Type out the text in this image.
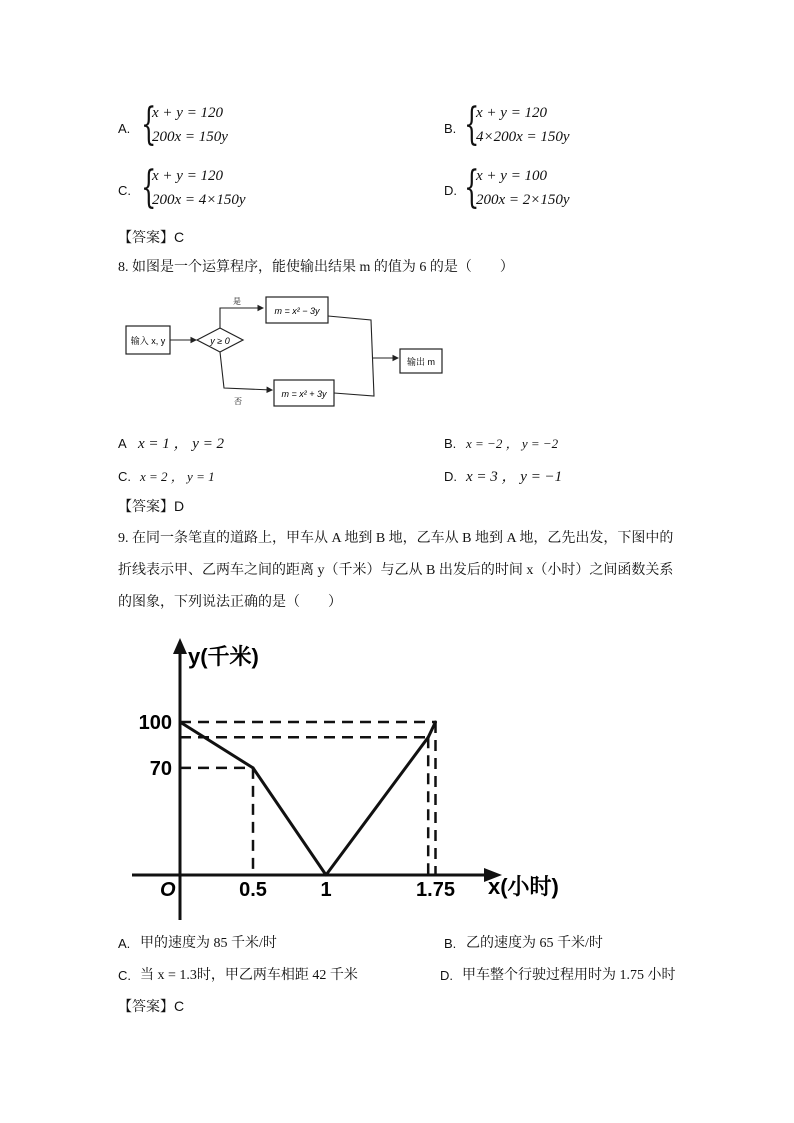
A. {
x + y = 120
200x = 150y
B. {
x + y = 120
4×200x = 150y
C. {
x + y = 120
200x = 4×150y
D. {
x + y = 100
200x = 2×150y
【答案】C
8. 如图是一个运算程序，能使输出结果 m 的值为 6 的是（　　）
输入 x, y	y ≥ 0
是
否
m = x² − 3y
m = x² + 3y
输出 m
A x = 1 ， y = 2	B. x = −2 ， y = −2
C. x = 2 ， y = 1	D. x = 3 ， y = −1
【答案】D
9. 在同一条笔直的道路上，甲车从 A 地到 B 地，乙车从 B 地到 A 地，乙先出发，下图中的
折线表示甲、乙两车之间的距离 y（千米）与乙从 B 出发后的时间 x（小时）之间函数关系
的图象，下列说法正确的是（　　）
y(千米)
x(小时)
O	0.5	1	1.75
70
100
A. 甲的速度为 85 千米/时	B. 乙的速度为 65 千米/时
C. 当 x = 1.3时，甲乙两车相距 42 千米	D. 甲车整个行驶过程用时为 1.75 小时
【答案】C
